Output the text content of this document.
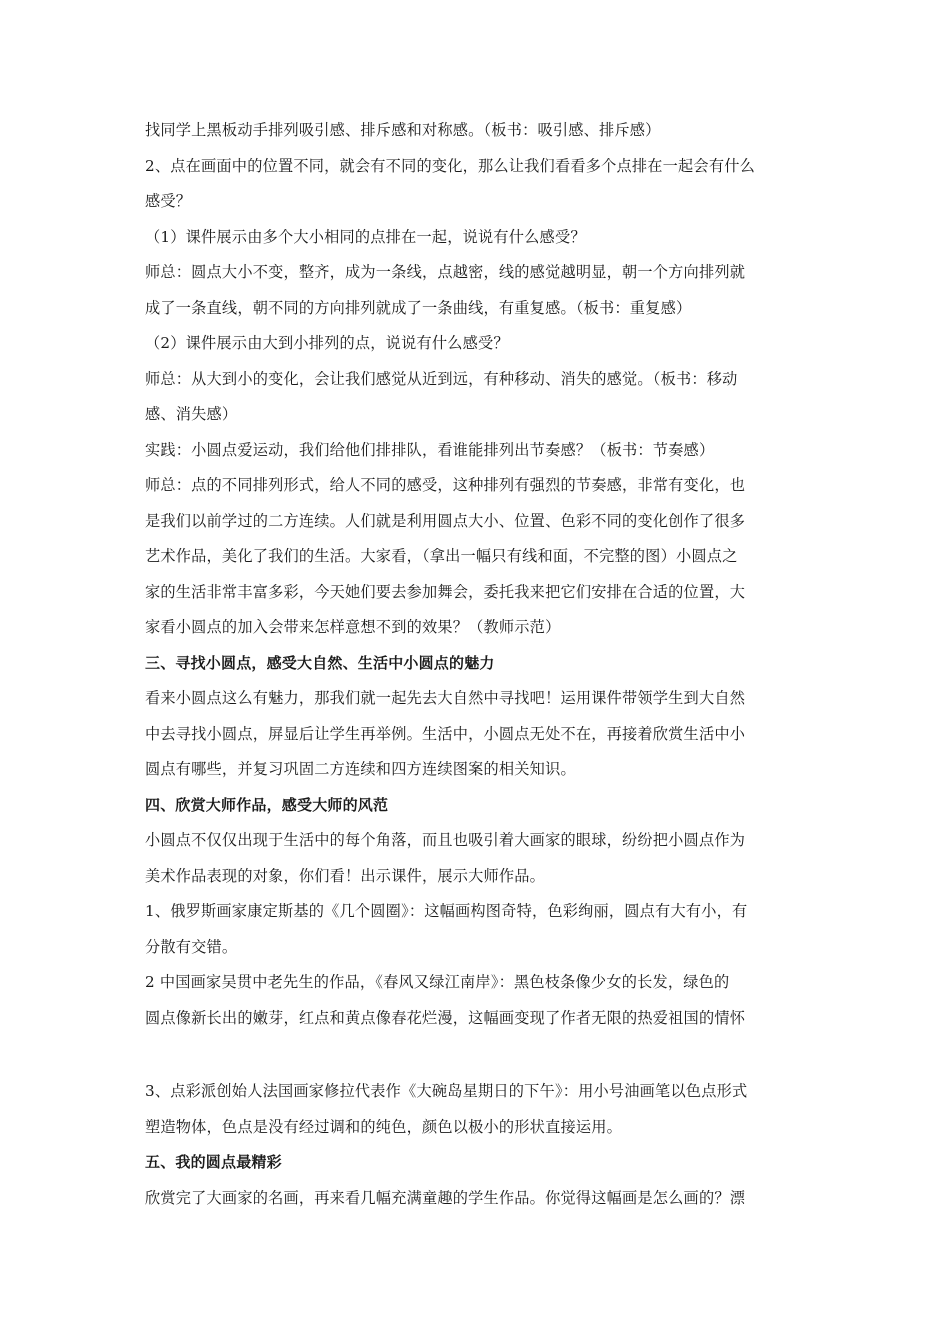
找同学上黑板动手排列吸引感、排斥感和对称感。（板书：吸引感、排斥感）
2、点在画面中的位置不同，就会有不同的变化，那么让我们看看多个点排在一起会有什么
感受？
（1）课件展示由多个大小相同的点排在一起，说说有什么感受？
师总：圆点大小不变，整齐，成为一条线，点越密，线的感觉越明显，朝一个方向排列就
成了一条直线，朝不同的方向排列就成了一条曲线，有重复感。（板书：重复感）
（2）课件展示由大到小排列的点，说说有什么感受？
师总：从大到小的变化，会让我们感觉从近到远，有种移动、消失的感觉。（板书：移动
感、消失感）
实践：小圆点爱运动，我们给他们排排队，看谁能排列出节奏感？（板书：节奏感）
师总：点的不同排列形式，给人不同的感受，这种排列有强烈的节奏感，非常有变化，也
是我们以前学过的二方连续。人们就是利用圆点大小、位置、色彩不同的变化创作了很多
艺术作品，美化了我们的生活。大家看，（拿出一幅只有线和面，不完整的图）小圆点之
家的生活非常丰富多彩，今天她们要去参加舞会，委托我来把它们安排在合适的位置，大
家看小圆点的加入会带来怎样意想不到的效果？（教师示范）
三、寻找小圆点，感受大自然、生活中小圆点的魅力
看来小圆点这么有魅力，那我们就一起先去大自然中寻找吧！运用课件带领学生到大自然
中去寻找小圆点，屏显后让学生再举例。生活中，小圆点无处不在，再接着欣赏生活中小
圆点有哪些，并复习巩固二方连续和四方连续图案的相关知识。
四、欣赏大师作品，感受大师的风范
小圆点不仅仅出现于生活中的每个角落，而且也吸引着大画家的眼球，纷纷把小圆点作为
美术作品表现的对象，你们看！出示课件，展示大师作品。
1、俄罗斯画家康定斯基的《几个圆圈》：这幅画构图奇特，色彩绚丽，圆点有大有小，有
分散有交错。
2 中国画家吴贯中老先生的作品，《春风又绿江南岸》：黑色枝条像少女的长发，绿色的
圆点像新长出的嫩芽，红点和黄点像春花烂漫，这幅画变现了作者无限的热爱祖国的情怀
3、点彩派创始人法国画家修拉代表作《大碗岛星期日的下午》：用小号油画笔以色点形式
塑造物体，色点是没有经过调和的纯色，颜色以极小的形状直接运用。
五、我的圆点最精彩
欣赏完了大画家的名画，再来看几幅充满童趣的学生作品。你觉得这幅画是怎么画的？漂
